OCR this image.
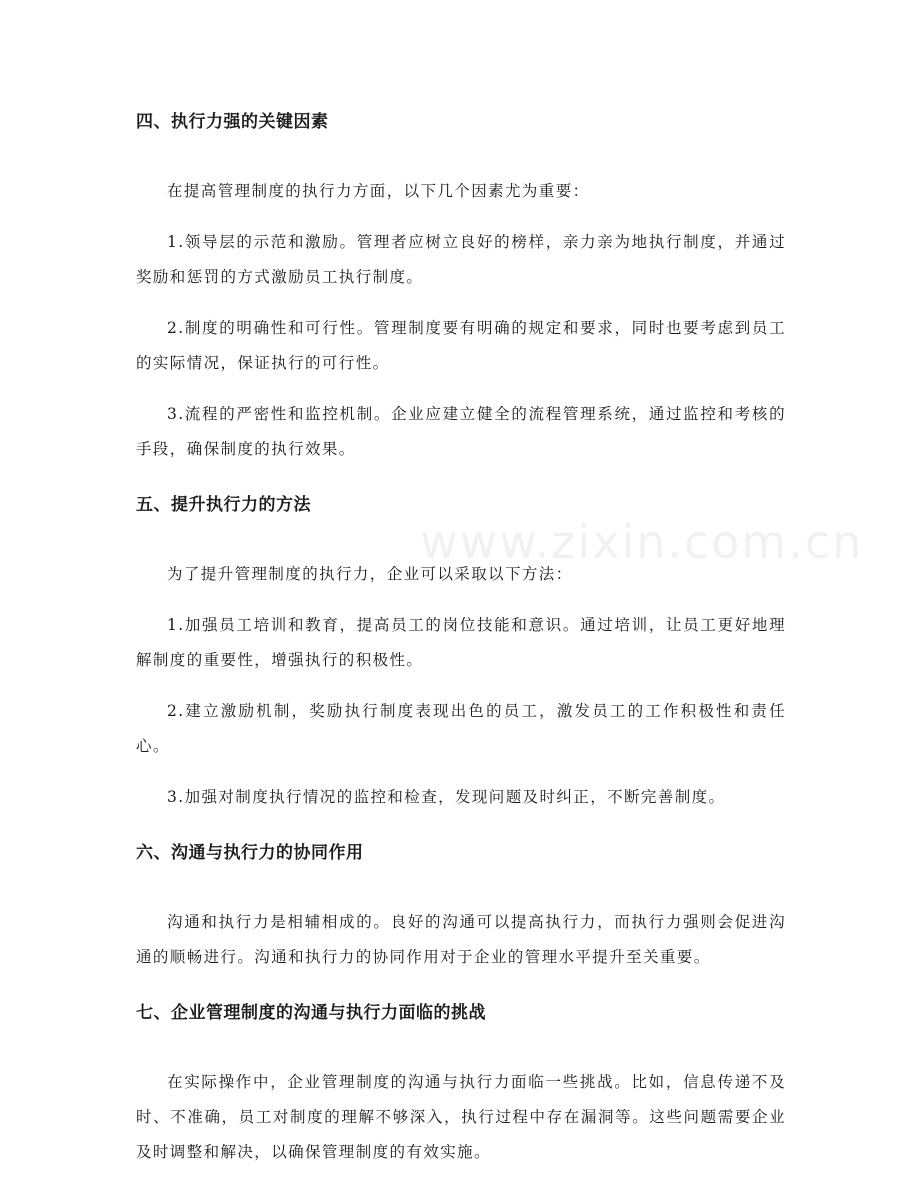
www.zixin.com.cn
四、执行力强的关键因素

在提高管理制度的执行力方面，以下几个因素尤为重要：

1.领导层的示范和激励。管理者应树立良好的榜样，亲力亲为地执行制度，并通过奖励和惩罚的方式激励员工执行制度。

2.制度的明确性和可行性。管理制度要有明确的规定和要求，同时也要考虑到员工的实际情况，保证执行的可行性。

3.流程的严密性和监控机制。企业应建立健全的流程管理系统，通过监控和考核的手段，确保制度的执行效果。

五、提升执行力的方法

为了提升管理制度的执行力，企业可以采取以下方法：

1.加强员工培训和教育，提高员工的岗位技能和意识。通过培训，让员工更好地理解制度的重要性，增强执行的积极性。

2.建立激励机制，奖励执行制度表现出色的员工，激发员工的工作积极性和责任心。

3.加强对制度执行情况的监控和检查，发现问题及时纠正，不断完善制度。

六、沟通与执行力的协同作用

沟通和执行力是相辅相成的。良好的沟通可以提高执行力，而执行力强则会促进沟通的顺畅进行。沟通和执行力的协同作用对于企业的管理水平提升至关重要。

七、企业管理制度的沟通与执行力面临的挑战

在实际操作中，企业管理制度的沟通与执行力面临一些挑战。比如，信息传递不及时、不准确，员工对制度的理解不够深入，执行过程中存在漏洞等。这些问题需要企业及时调整和解决，以确保管理制度的有效实施。
